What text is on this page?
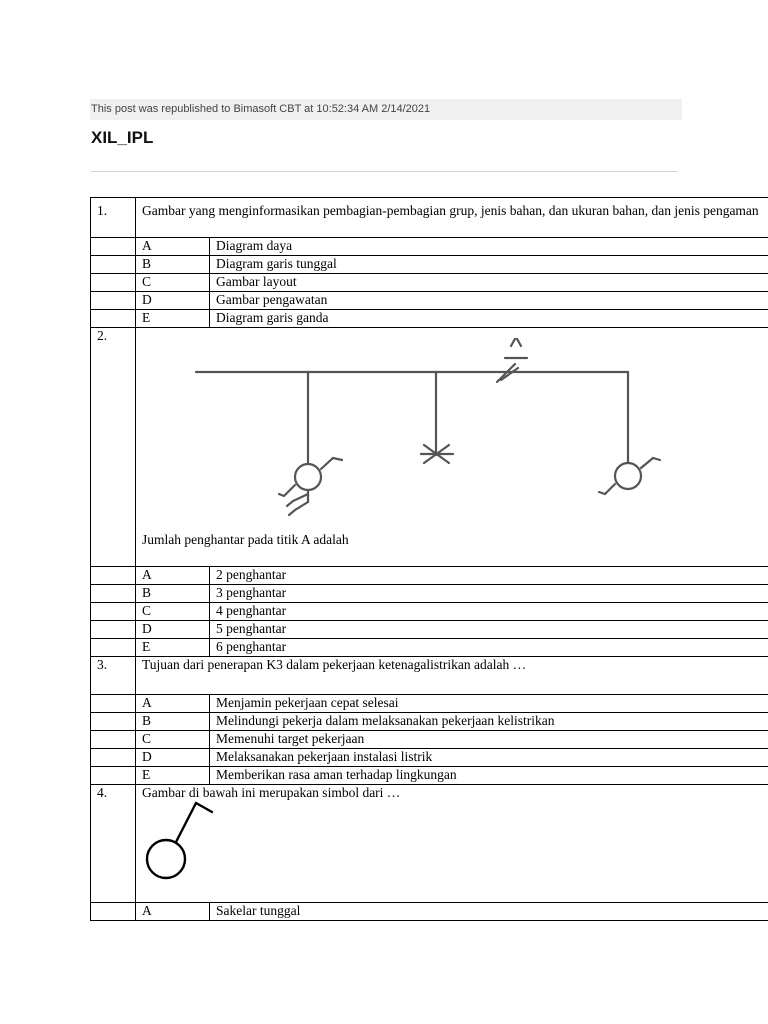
This post was republished to Bimasoft CBT at 10:52:34 AM 2/14/2021
XIL_IPL
1.	Gambar yang menginformasikan pembagian-pembagian grup, jenis bahan, dan ukuran bahan, dan jenis pengaman	
	A	Diagram daya
	B	Diagram garis tunggal
	C	Gambar layout
	D	Gambar pengawatan
	E	Diagram garis ganda
2.	A
Jumlah penghantar pada titik A adalah	

	A	2 penghantar
	B	3 penghantar
	C	4 penghantar
	D	5 penghantar
	E	6 penghantar
3.	Tujuan dari penerapan K3 dalam pekerjaan ketenagalistrikan adalah …	
	A	Menjamin pekerjaan cepat selesai
	B	Melindungi pekerja dalam melaksanakan pekerjaan kelistrikan
	C	Memenuhi target pekerjaan
	D	Melaksanakan pekerjaan instalasi listrik
	E	Memberikan rasa aman terhadap lingkungan
4.	Gambar di bawah ini merupakan simbol dari …	

	A	Sakelar tunggal
